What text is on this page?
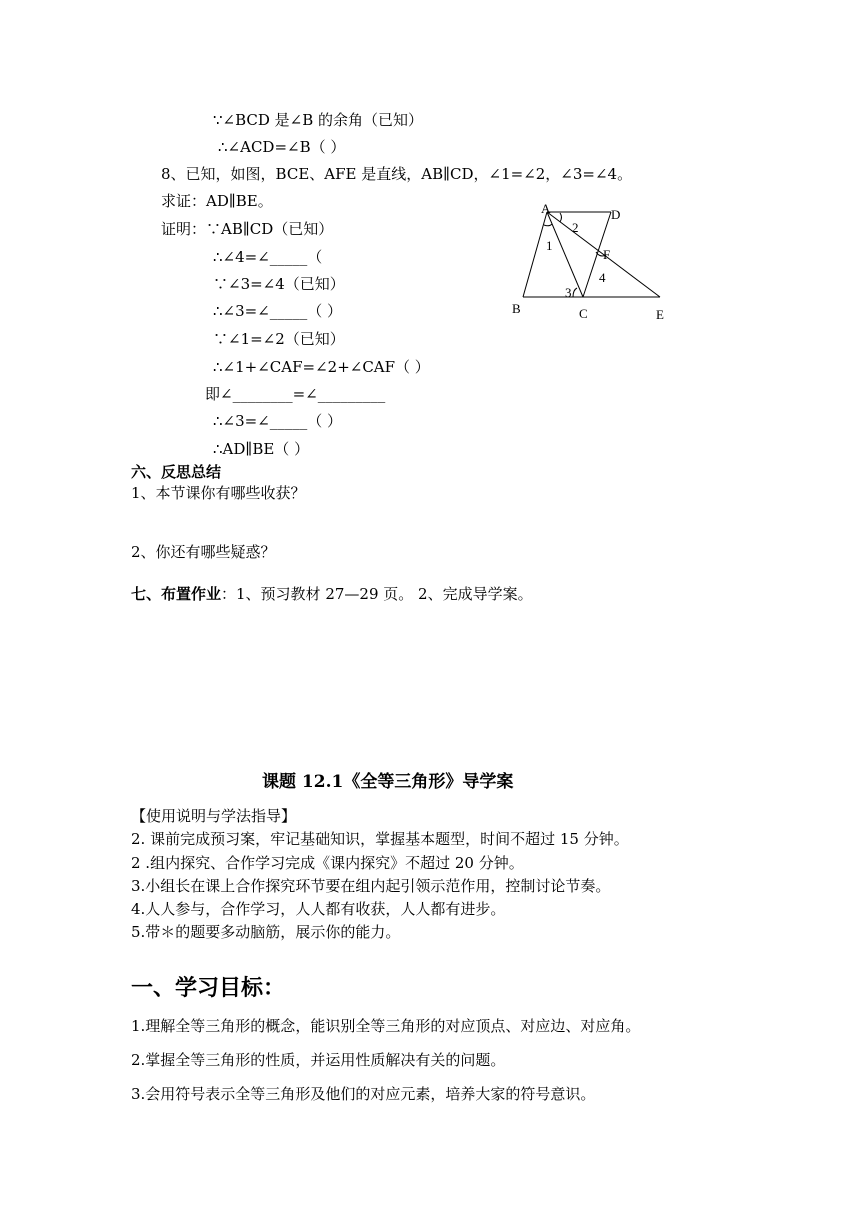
∵∠BCD 是∠B 的余角（已知）
∴∠ACD=∠B（ ）
8、已知，如图，BCE、AFE 是直线，AB∥CD，∠1=∠2，∠3=∠4。
求证：AD∥BE。
证明：∵AB∥CD（已知）
∴∠4=∠_____（
∵∠3=∠4（已知）
∴∠3=∠_____（ ）
∵∠1=∠2（已知）
∴∠1+∠CAF=∠2+∠CAF（ ）
即∠________=∠_________
∴∠3=∠_____（ ）
∴AD∥BE（ ）
A	D
B	C	E
F
1
2
3
4
六、反思总结
1、本节课你有哪些收获？
2、你还有哪些疑惑？
七、布置作业：1、预习教材 27—29 页。 2、完成导学案。
课题 12.1《全等三角形》导学案
【使用说明与学法指导】
2. 课前完成预习案，牢记基础知识，掌握基本题型，时间不超过 15 分钟。
2 .组内探究、合作学习完成《课内探究》不超过 20 分钟。
3.小组长在课上合作探究环节要在组内起引领示范作用，控制讨论节奏。
4.人人参与，合作学习，人人都有收获，人人都有进步。
5.带＊的题要多动脑筋，展示你的能力。
一、学习目标：
1.理解全等三角形的概念，能识别全等三角形的对应顶点、对应边、对应角。
2.掌握全等三角形的性质，并运用性质解决有关的问题。
3.会用符号表示全等三角形及他们的对应元素，培养大家的符号意识。
